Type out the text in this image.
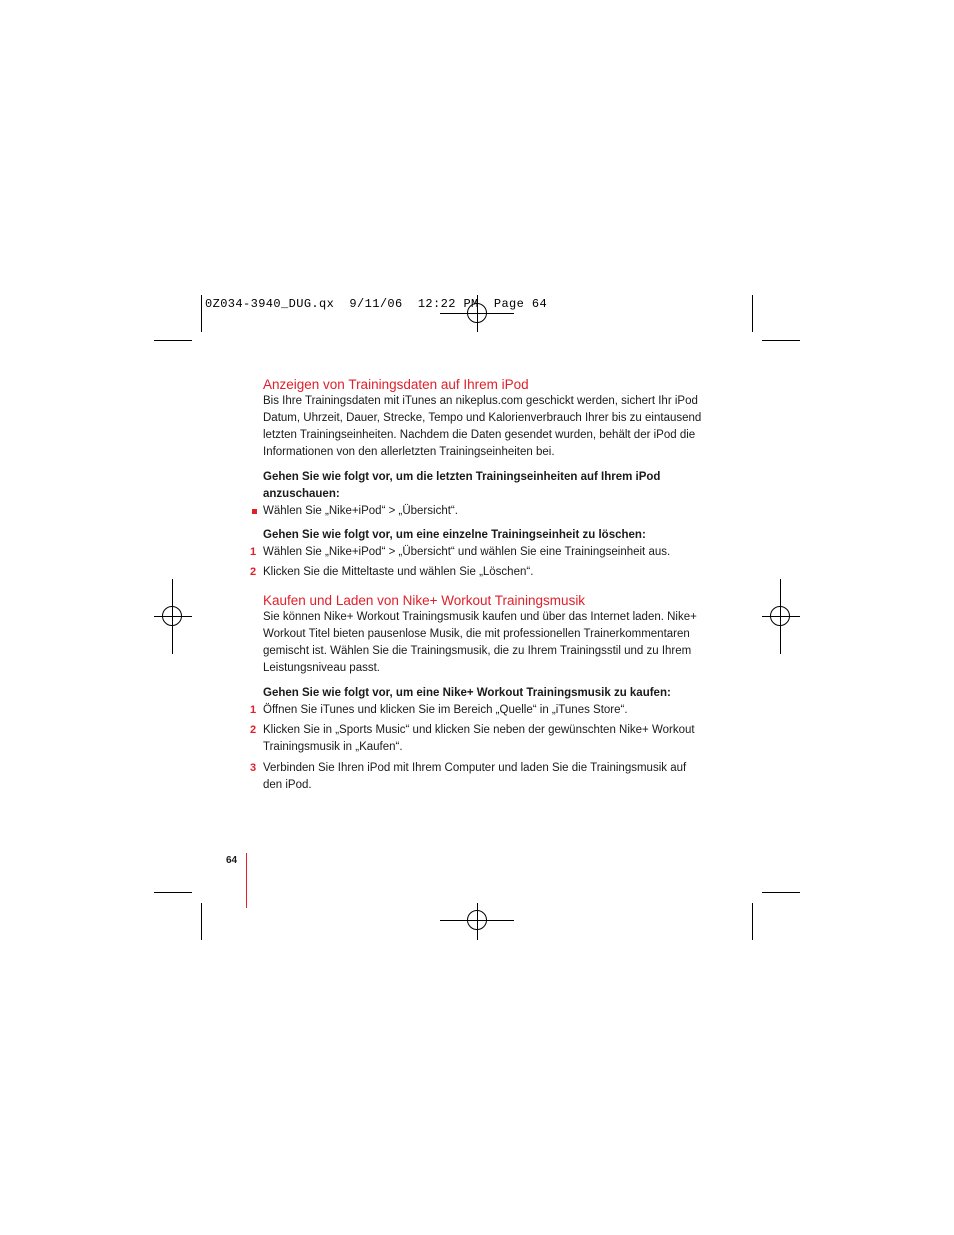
0Z034-3940_DUG.qx  9/11/06  12:22 PM  Page 64
Anzeigen von Trainingsdaten auf Ihrem iPod

Bis Ihre Trainingsdaten mit iTunes an nikeplus.com geschickt werden, sichert Ihr iPod Datum, Uhrzeit, Dauer, Strecke, Tempo und Kalorienverbrauch Ihrer bis zu eintausend letzten Trainingseinheiten. Nachdem die Daten gesendet wurden, behält der iPod die Informationen von den allerletzten Trainingseinheiten bei.

Gehen Sie wie folgt vor, um die letzten Trainingseinheiten auf Ihrem iPod anzuschauen:

Wählen Sie „Nike+iPod“ > „Übersicht“.

Gehen Sie wie folgt vor, um eine einzelne Trainingseinheit zu löschen:

1 Wählen Sie „Nike+iPod“ > „Übersicht“ und wählen Sie eine Trainingseinheit aus.
2 Klicken Sie die Mitteltaste und wählen Sie „Löschen“.
Kaufen und Laden von Nike+ Workout Trainingsmusik

Sie können Nike+ Workout Trainingsmusik kaufen und über das Internet laden. Nike+ Workout Titel bieten pausenlose Musik, die mit professionellen Trainerkommentaren gemischt ist. Wählen Sie die Trainingsmusik, die zu Ihrem Trainingsstil und zu Ihrem Leistungsniveau passt.

Gehen Sie wie folgt vor, um eine Nike+ Workout Trainingsmusik zu kaufen:

1 Öffnen Sie iTunes und klicken Sie im Bereich „Quelle“ in „iTunes Store“.
2 Klicken Sie in „Sports Music“ und klicken Sie neben der gewünschten Nike+ Workout Trainingsmusik in „Kaufen“.
3 Verbinden Sie Ihren iPod mit Ihrem Computer und laden Sie die Trainingsmusik auf den iPod.
64
